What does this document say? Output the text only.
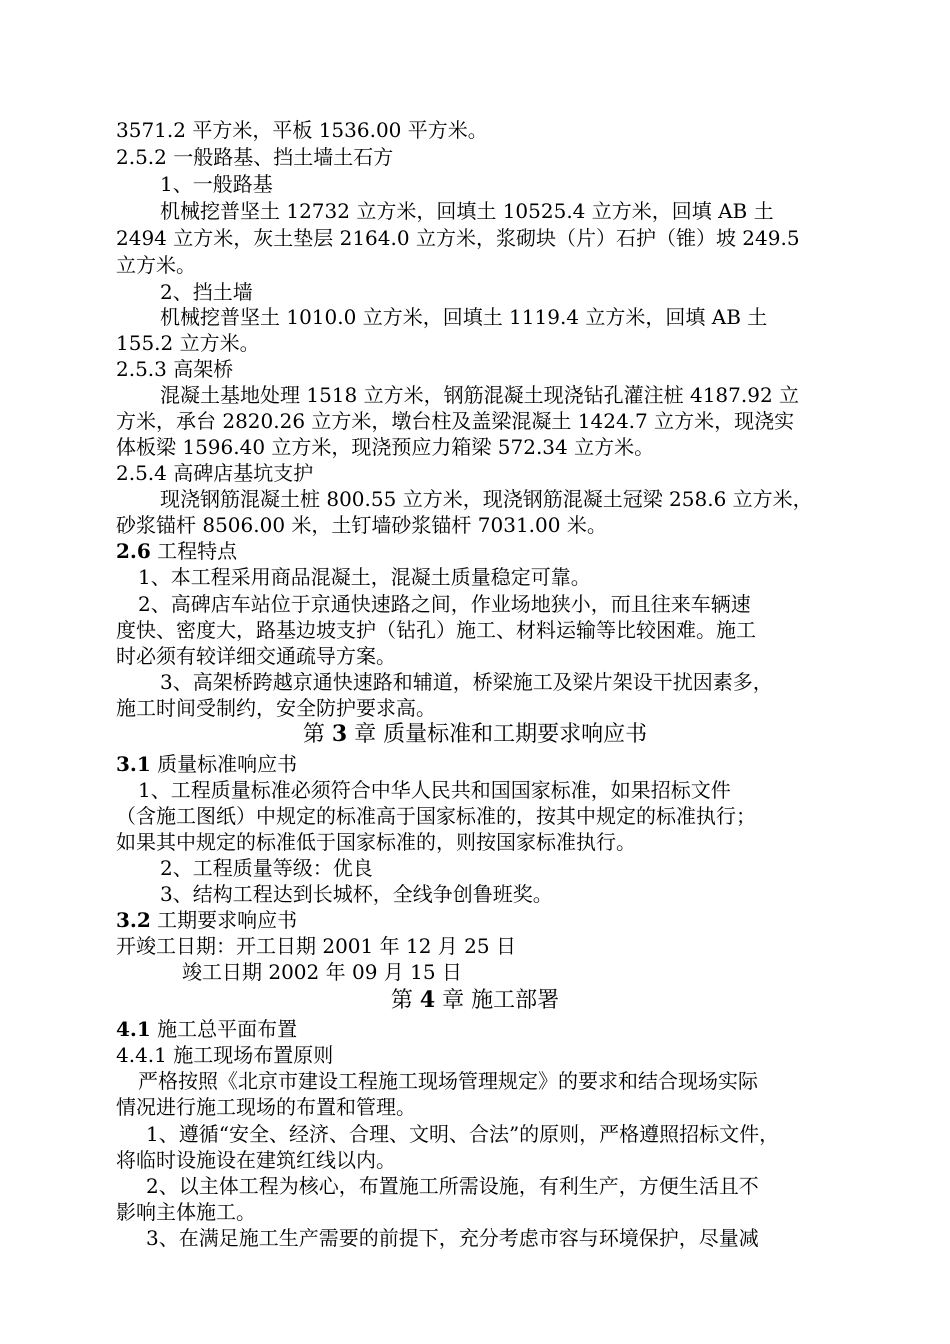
3571.2 平方米，平板 1536.00 平方米。
2.5.2 一般路基、挡土墙土石方
1、一般路基
机械挖普坚土 12732 立方米，回填土 10525.4 立方米，回填 AB 土
2494 立方米，灰土垫层 2164.0 立方米，浆砌块（片）石护（锥）坡 249.5
立方米。
2、挡土墙
机械挖普坚土 1010.0 立方米，回填土 1119.4 立方米，回填 AB 土
155.2 立方米。
2.5.3 高架桥
混凝土基地处理 1518 立方米，钢筋混凝土现浇钻孔灌注桩 4187.92 立
方米，承台 2820.26 立方米，墩台柱及盖梁混凝土 1424.7 立方米，现浇实
体板梁 1596.40 立方米，现浇预应力箱梁 572.34 立方米。
2.5.4 高碑店基坑支护
现浇钢筋混凝土桩 800.55 立方米，现浇钢筋混凝土冠梁 258.6 立方米，
砂浆锚杆 8506.00 米，土钉墙砂浆锚杆 7031.00 米。
2.6 工程特点
1、本工程采用商品混凝土，混凝土质量稳定可靠。
2、高碑店车站位于京通快速路之间，作业场地狭小，而且往来车辆速
度快、密度大，路基边坡支护（钻孔）施工、材料运输等比较困难。施工
时必须有较详细交通疏导方案。
3、高架桥跨越京通快速路和辅道，桥梁施工及梁片架设干扰因素多，
施工时间受制约，安全防护要求高。
第 3 章 质量标准和工期要求响应书
3.1 质量标准响应书
1、工程质量标准必须符合中华人民共和国国家标准，如果招标文件
（含施工图纸）中规定的标准高于国家标准的，按其中规定的标准执行；
如果其中规定的标准低于国家标准的，则按国家标准执行。
2、工程质量等级：优良
3、结构工程达到长城杯，全线争创鲁班奖。
3.2 工期要求响应书
开竣工日期：开工日期 2001 年 12 月 25 日
竣工日期 2002 年 09 月 15 日
第 4 章 施工部署
4.1 施工总平面布置
4.4.1 施工现场布置原则
严格按照《北京市建设工程施工现场管理规定》的要求和结合现场实际
情况进行施工现场的布置和管理。
1、遵循“安全、经济、合理、文明、合法”的原则，严格遵照招标文件，
将临时设施设在建筑红线以内。
2、以主体工程为核心，布置施工所需设施，有利生产，方便生活且不
影响主体施工。
3、在满足施工生产需要的前提下，充分考虑市容与环境保护，尽量减
